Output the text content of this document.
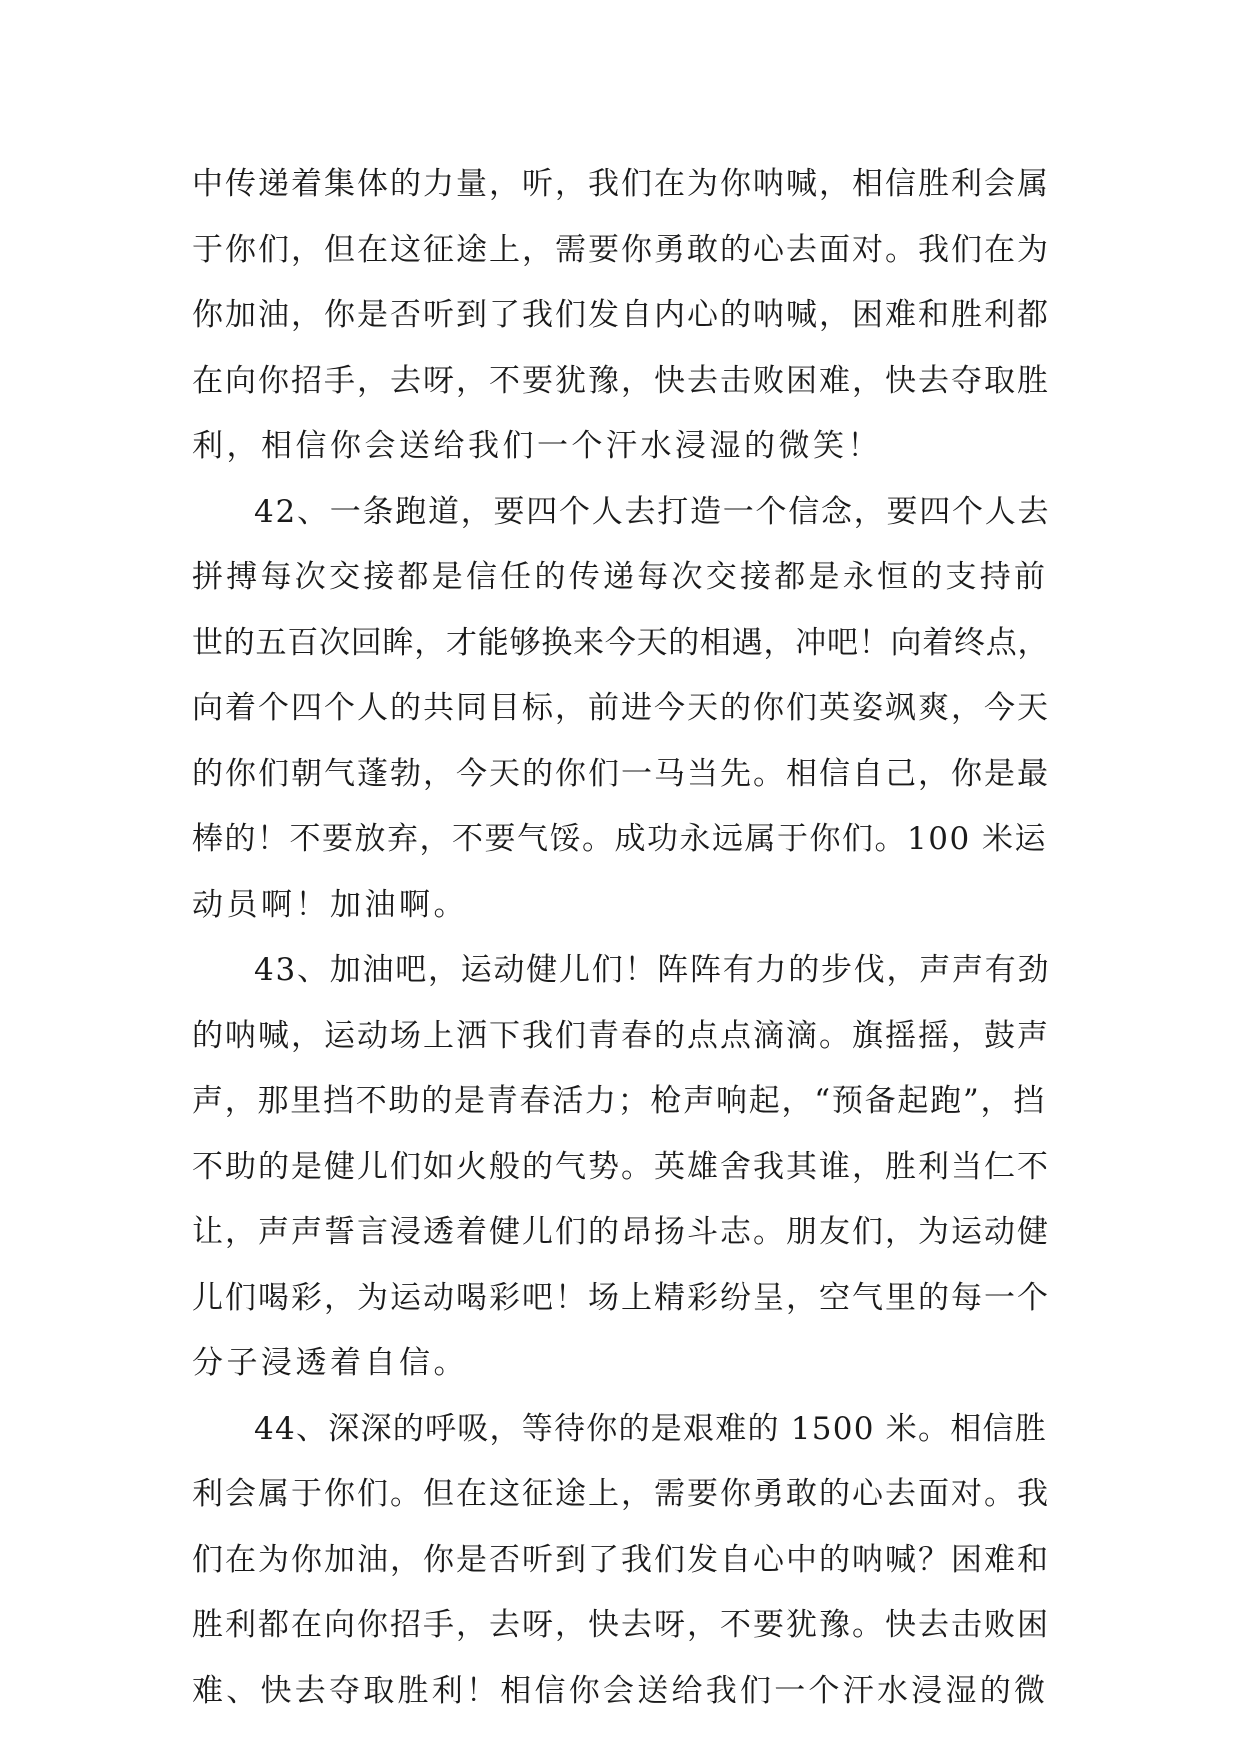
中传递着集体的力量，听，我们在为你呐喊，相信胜利会属
于你们，但在这征途上，需要你勇敢的心去面对。我们在为
你加油，你是否听到了我们发自内心的呐喊，困难和胜利都
在向你招手，去呀，不要犹豫，快去击败困难，快去夺取胜
利，相信你会送给我们一个汗水浸湿的微笑！
42、一条跑道，要四个人去打造一个信念，要四个人去
拼搏每次交接都是信任的传递每次交接都是永恒的支持前
世的五百次回眸，才能够换来今天的相遇，冲吧！向着终点，
向着个四个人的共同目标，前进今天的你们英姿飒爽，今天
的你们朝气蓬勃，今天的你们一马当先。相信自己，你是最
棒的！不要放弃，不要气馁。成功永远属于你们。100 米运
动员啊！加油啊。
43、加油吧，运动健儿们！阵阵有力的步伐，声声有劲
的呐喊，运动场上洒下我们青春的点点滴滴。旗摇摇，鼓声
声，那里挡不助的是青春活力；枪声响起，“预备起跑”，挡
不助的是健儿们如火般的气势。英雄舍我其谁，胜利当仁不
让，声声誓言浸透着健儿们的昂扬斗志。朋友们，为运动健
儿们喝彩，为运动喝彩吧！场上精彩纷呈，空气里的每一个
分子浸透着自信。
44、深深的呼吸，等待你的是艰难的 1500 米。相信胜
利会属于你们。但在这征途上，需要你勇敢的心去面对。我
们在为你加油，你是否听到了我们发自心中的呐喊？困难和
胜利都在向你招手，去呀，快去呀，不要犹豫。快去击败困
难、快去夺取胜利！相信你会送给我们一个汗水浸湿的微
